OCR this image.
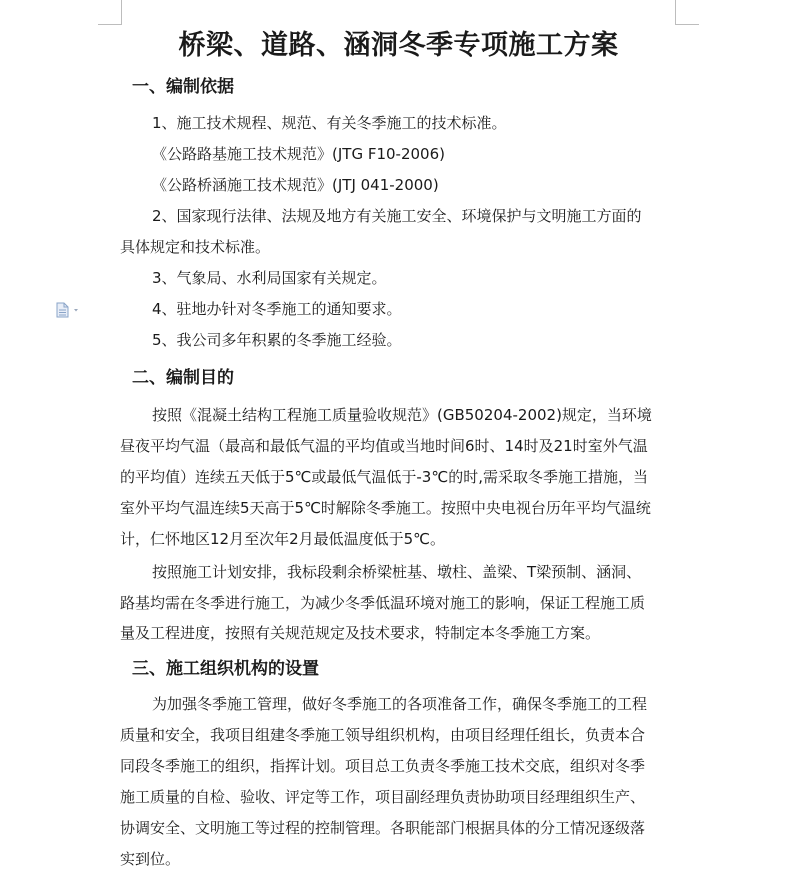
桥梁、道路、涵洞冬季专项施工方案
一、编制依据
1、施工技术规程、规范、有关冬季施工的技术标准。
《公路路基施工技术规范》(JTG F10-2006)
《公路桥涵施工技术规范》(JTJ 041-2000)
2、国家现行法律、法规及地方有关施工安全、环境保护与文明施工方面的
具体规定和技术标准。
3、气象局、水利局国家有关规定。
4、驻地办针对冬季施工的通知要求。
5、我公司多年积累的冬季施工经验。
二、编制目的
按照《混凝土结构工程施工质量验收规范》(GB50204-2002)规定，当环境
昼夜平均气温（最高和最低气温的平均值或当地时间6时、14时及21时室外气温
的平均值）连续五天低于5℃或最低气温低于-3℃的时,需采取冬季施工措施，当
室外平均气温连续5天高于5℃时解除冬季施工。按照中央电视台历年平均气温统
计，仁怀地区12月至次年2月最低温度低于5℃。
按照施工计划安排，我标段剩余桥梁桩基、墩柱、盖梁、T梁预制、涵洞、
路基均需在冬季进行施工，为减少冬季低温环境对施工的影响，保证工程施工质
量及工程进度，按照有关规范规定及技术要求，特制定本冬季施工方案。
三、施工组织机构的设置
为加强冬季施工管理，做好冬季施工的各项准备工作，确保冬季施工的工程
质量和安全，我项目组建冬季施工领导组织机构，由项目经理任组长，负责本合
同段冬季施工的组织，指挥计划。项目总工负责冬季施工技术交底，组织对冬季
施工质量的自检、验收、评定等工作，项目副经理负责协助项目经理组织生产、
协调安全、文明施工等过程的控制管理。各职能部门根据具体的分工情况逐级落
实到位。
